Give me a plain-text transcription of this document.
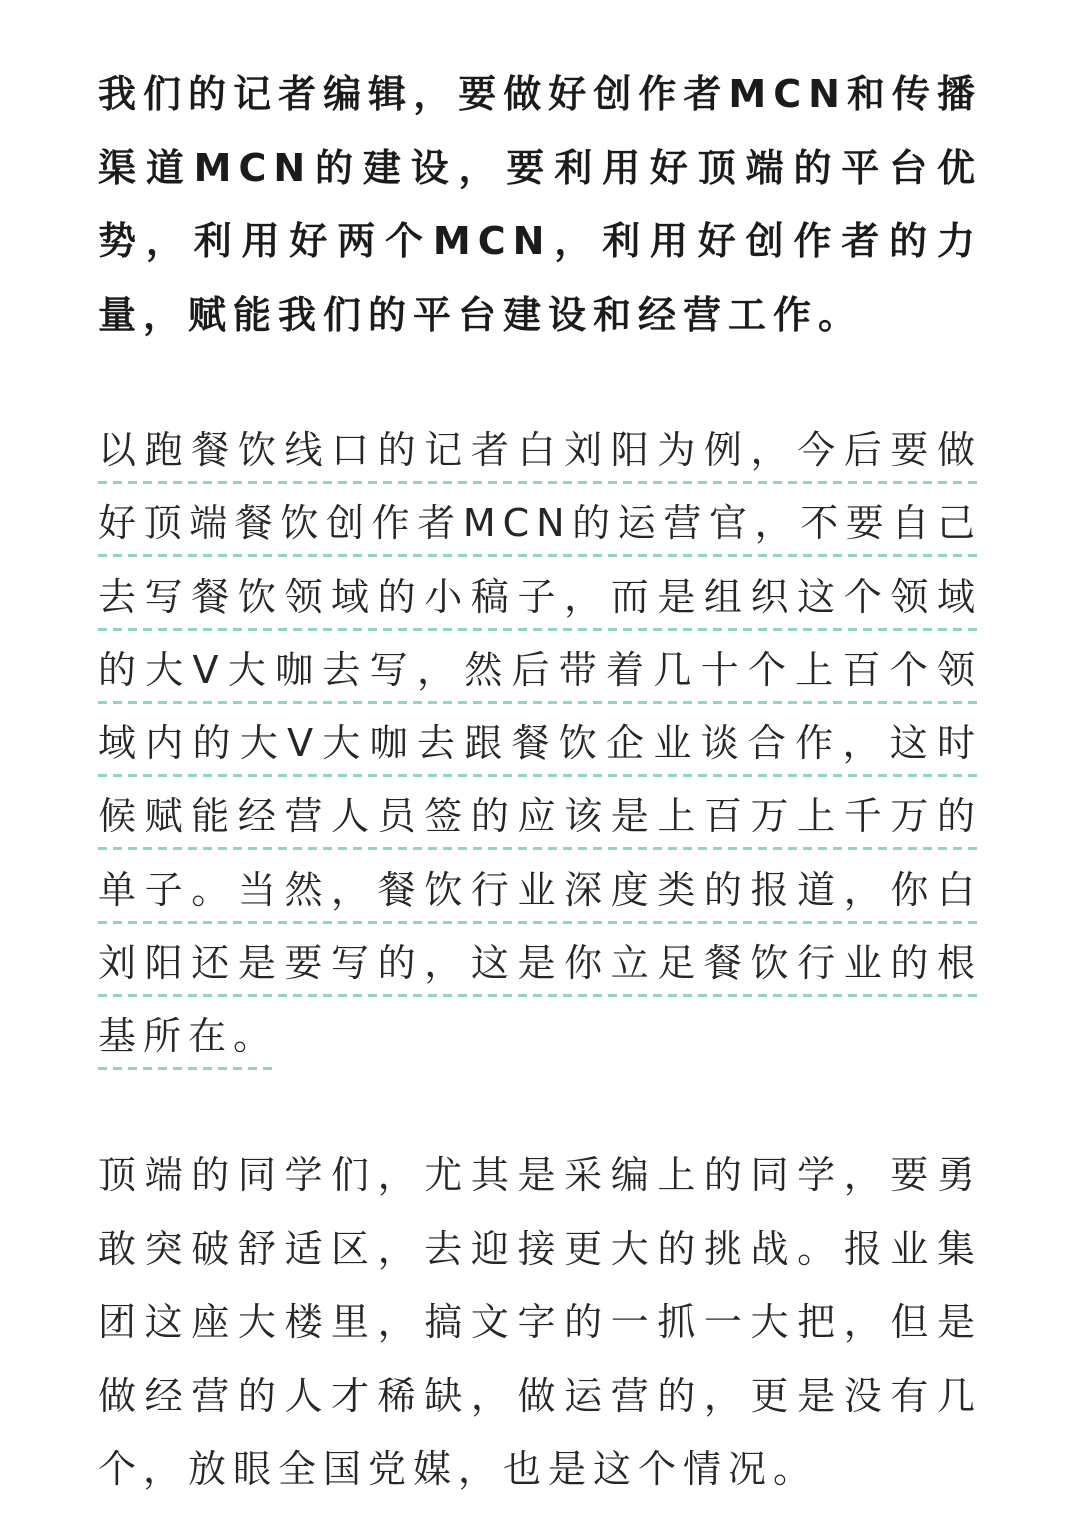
我们的记者编辑，要做好创作者MCN和传播渠道MCN的建设，要利用好顶端的平台优势，利用好两个MCN，利用好创作者的力量，赋能我们的平台建设和经营工作。

以跑餐饮线口的记者白刘阳为例，今后要做好顶端餐饮创作者MCN的运营官，不要自己去写餐饮领域的小稿子，而是组织这个领域的大V大咖去写，然后带着几十个上百个领域内的大V大咖去跟餐饮企业谈合作，这时候赋能经营人员签的应该是上百万上千万的单子。当然，餐饮行业深度类的报道，你白刘阳还是要写的，这是你立足餐饮行业的根基所在。

顶端的同学们，尤其是采编上的同学，要勇敢突破舒适区，去迎接更大的挑战。报业集团这座大楼里，搞文字的一抓一大把，但是做经营的人才稀缺，做运营的，更是没有几个，放眼全国党媒，也是这个情况。
